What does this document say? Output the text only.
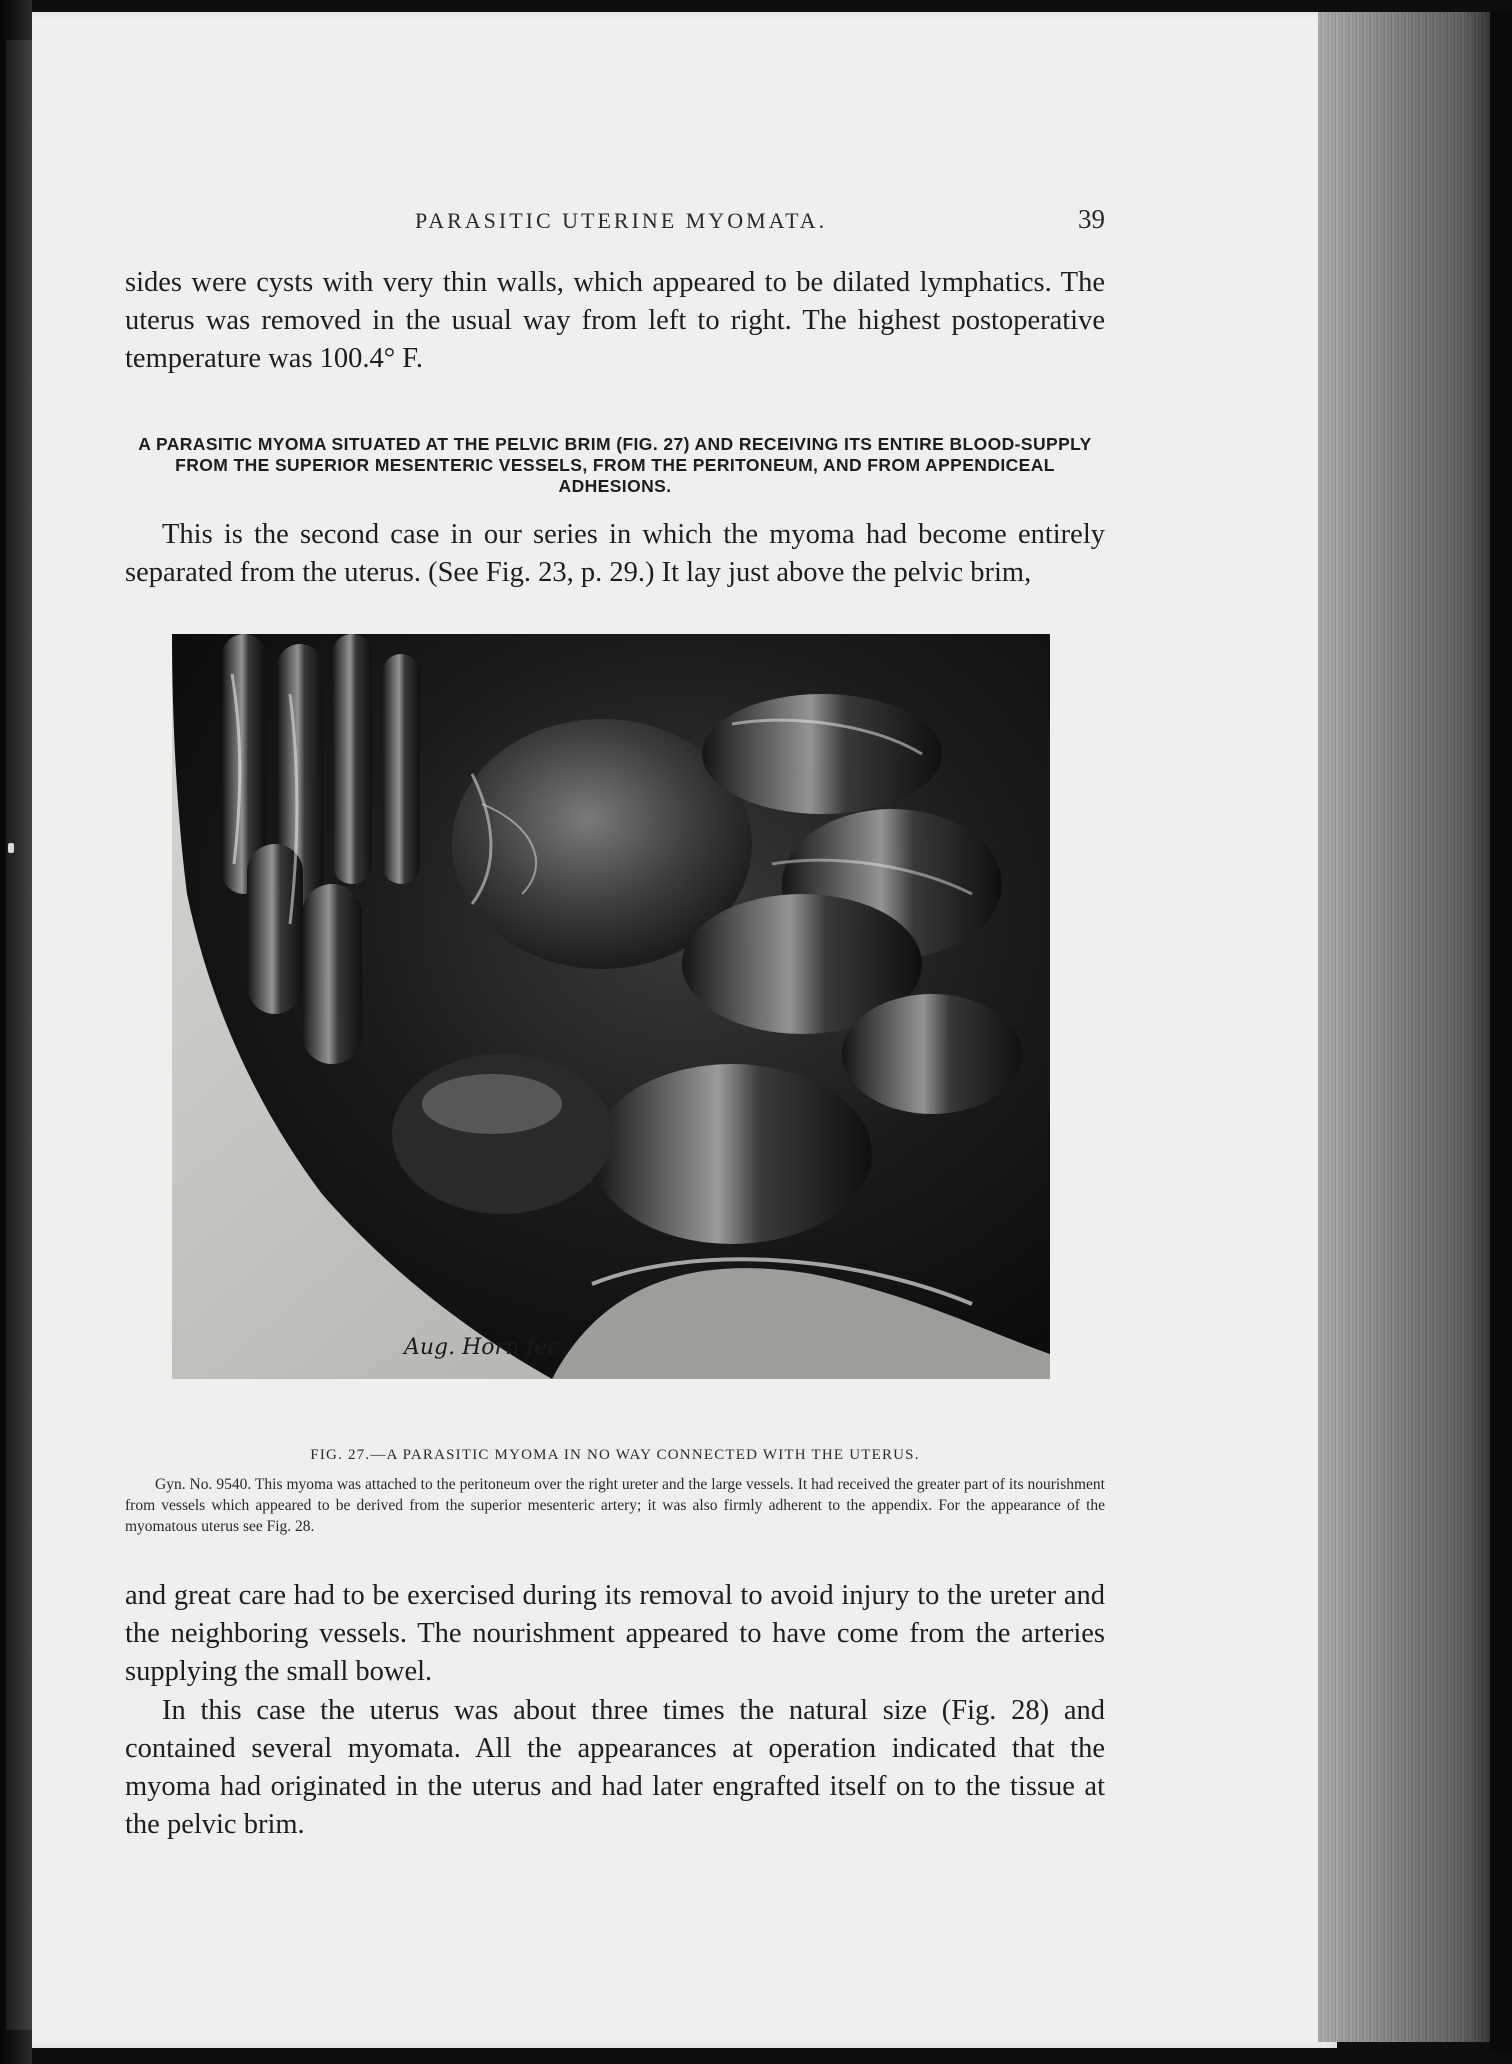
PARASITIC UTERINE MYOMATA.	39

sides were cysts with very thin walls, which appeared to be dilated lymphatics. The uterus was removed in the usual way from left to right. The highest postoperative temperature was 100.4° F.

A PARASITIC MYOMA SITUATED AT THE PELVIC BRIM (FIG. 27) AND RECEIVING ITS ENTIRE BLOOD-SUPPLY FROM THE SUPERIOR MESENTERIC VESSELS, FROM THE PERITONEUM, AND FROM APPENDICEAL ADHESIONS.

This is the second case in our series in which the myoma had become entirely separated from the uterus. (See Fig. 23, p. 29.) It lay just above the pelvic brim,

Aug. Horn fec.
FIG. 27.—A PARASITIC MYOMA IN NO WAY CONNECTED WITH THE UTERUS.
Gyn. No. 9540. This myoma was attached to the peritoneum over the right ureter and the large vessels. It had received the greater part of its nourishment from vessels which appeared to be derived from the superior mesenteric artery; it was also firmly adherent to the appendix. For the appearance of the myomatous uterus see Fig. 28.

and great care had to be exercised during its removal to avoid injury to the ureter and the neighboring vessels. The nourishment appeared to have come from the arteries supplying the small bowel.

In this case the uterus was about three times the natural size (Fig. 28) and contained several myomata. All the appearances at operation indicated that the myoma had originated in the uterus and had later engrafted itself on to the tissue at the pelvic brim.
